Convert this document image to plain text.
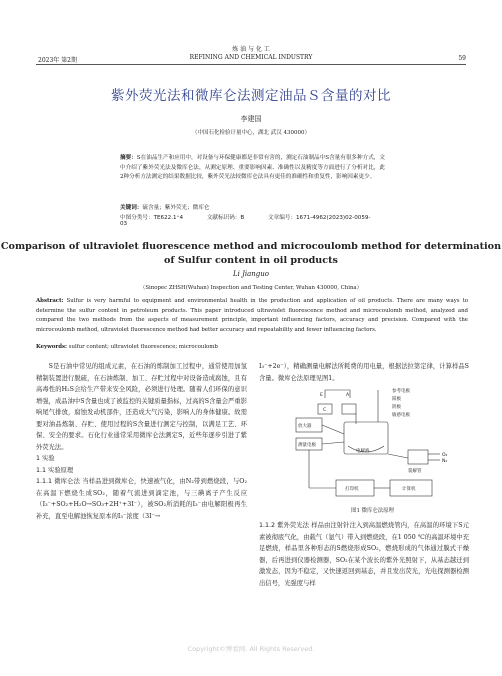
2023年 第2期
炼 油 与 化 工
REFINING AND CHEMICAL INDUSTRY	59
紫外荧光法和微库仑法测定油品Ｓ含量的对比
李建国
（中国石化检验计量中心，湖北 武汉 430000）
摘要：S在油品生产和应用中，对设备与环保健康都是非常有害的，测定石油制品中S含量有很多种方式，文中介绍了紫外荧光法及微库仑法，从测定原理、重要影响因素、准确性以及精度等方面进行了分析对比，此2种分析方法测定的结果数据比较，紫外荧光法较微库仑法具有更佳的准确性和重复性，影响因素更少。
关键词：硫含量；紫外荧光；微库仑
中图分类号：TE622.1⁺4	文献标识码：B	文章编号：1671-4962(2023)02-0059-03
Comparison of ultraviolet fluorescence method and microcoulomb method for determination of Sulfur content in oil products
Li Jianguo
（Sinopec ZHSH(Wuhan) Inspection and Testing Center, Wuhan 430000, China）
Abstract: Sulfur is very harmful to equipment and environmental health in the production and application of oil products. There are many ways to determine the sulfur content in petroleum products. This paper introduced ultraviolet fluorescence method and microcoulomb method, analyzed and compared the two methods from the aspects of measurement principle, important influencing factors, accuracy and precision. Compared with the microcoulomb method, ultraviolet fluorescence method had better accuracy and repeatability and fewer influencing factors.
Keywords: sulfur content; ultraviolet fluorescence; microcoulomb
S是石油中常见的组成元素，在石油的炼制加工过程中，通常使用加氢精制装置进行脱硫，在石油炼制、加工、存贮过程中对设备造成腐蚀，且有高毒性的H₂S会给生产带来安全风险，必须进行处理。随着人们环保的意识增强，成品油中S含量也成了被监控的关键质量指标，过高的S含量会严重影响尾气排放，腐蚀发动机部件，还造成大气污染，影响人的身体健康。故需要对油品炼制、存贮、使用过程的S含量进行测定与控制，以满足工艺、环保、安全的要求。石化行业通常采用微库仑法测定S，近些年逐步引进了紫外荧光法。
1 实验
1.1 实验原理
1.1.1 微库仑法 当样品进到微库仑，快速被气化，由N₂带到燃烧段，与O₂在高温下燃烧生成SO₂，随着气流进到滴定池，与三碘离子产生反应（I₃⁻+SO₂+H₂O→SO₃+2H⁺+3I⁻），被SO₂所消耗的I₃⁻由电解阳极再生补充，直至电解池恢复原本的I₃⁻浓度（3I⁻→
I₃⁻+2e⁻），精确测量电解法所耗费的用电量，根据法拉第定律，计算样品S含量。微库仑法原理见图1。
E	A
C
放大器
测量电极
参考电极
阳极
阴极
敏感电极
电解液
O₂
N₂
裂解管
打印机	计算机
图1 微库仑法原理
1.1.2 紫外荧光法 样品由注射针注入到高温燃烧管内，在高温的环境下S元素被彻底气化，由载气（氩气）带入到燃烧段，在1 050 ℃的高温环境中充足燃烧，样品里各种形态的S燃烧形成SO₂，燃烧形成的气体通过膜式干燥器，后再进到仪器检测器，SO₂在某个波长的紫外光照射下，从基态越迁到激发态，因为不稳定，又快速返回到基态，并且发出荧光，光电探测器检测出信号，光强度与样
Copyright©博看网. All Rights Reserved.
